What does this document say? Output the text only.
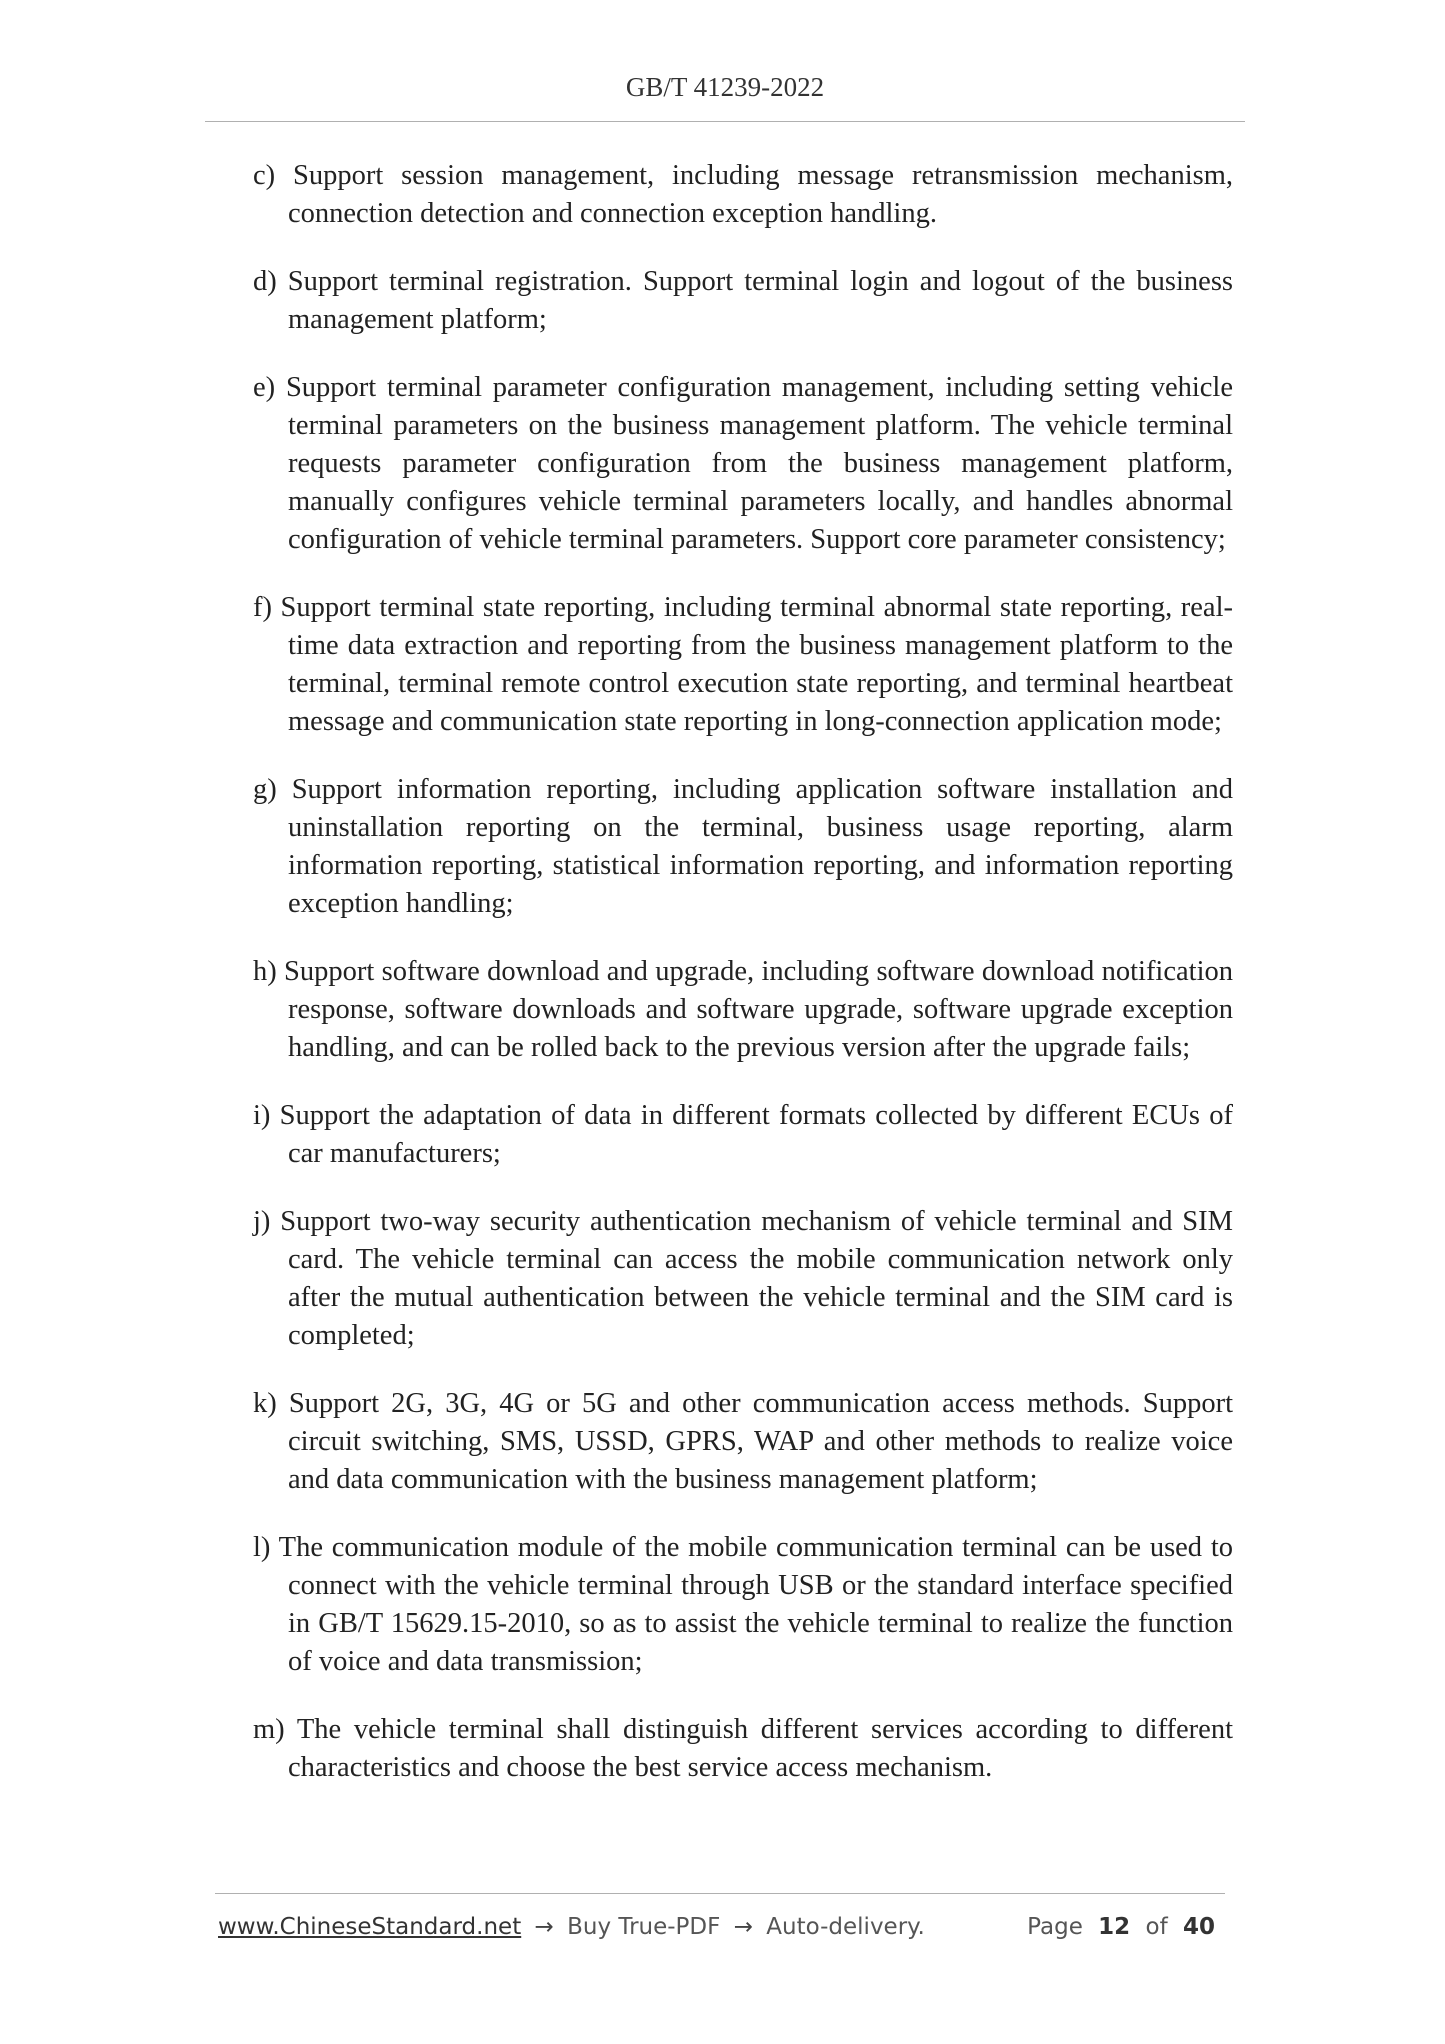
GB/T 41239-2022

c) Support session management, including message retransmission mechanism, connection detection and connection exception handling.

d) Support terminal registration. Support terminal login and logout of the business management platform;

e) Support terminal parameter configuration management, including setting vehicle terminal parameters on the business management platform. The vehicle terminal requests parameter configuration from the business management platform, manually configures vehicle terminal parameters locally, and handles abnormal configuration of vehicle terminal parameters. Support core parameter consistency;

f) Support terminal state reporting, including terminal abnormal state reporting, real-time data extraction and reporting from the business management platform to the terminal, terminal remote control execution state reporting, and terminal heartbeat message and communication state reporting in long-connection application mode;

g) Support information reporting, including application software installation and uninstallation reporting on the terminal, business usage reporting, alarm information reporting, statistical information reporting, and information reporting exception handling;

h) Support software download and upgrade, including software download notification response, software downloads and software upgrade, software upgrade exception handling, and can be rolled back to the previous version after the upgrade fails;

i) Support the adaptation of data in different formats collected by different ECUs of car manufacturers;

j) Support two-way security authentication mechanism of vehicle terminal and SIM card. The vehicle terminal can access the mobile communication network only after the mutual authentication between the vehicle terminal and the SIM card is completed;

k) Support 2G, 3G, 4G or 5G and other communication access methods. Support circuit switching, SMS, USSD, GPRS, WAP and other methods to realize voice and data communication with the business management platform;

l) The communication module of the mobile communication terminal can be used to connect with the vehicle terminal through USB or the standard interface specified in GB/T 15629.15-2010, so as to assist the vehicle terminal to realize the function of voice and data transmission;

m) The vehicle terminal shall distinguish different services according to different characteristics and choose the best service access mechanism.

www.ChineseStandard.net → Buy True-PDF → Auto-delivery.	Page 12 of 40
